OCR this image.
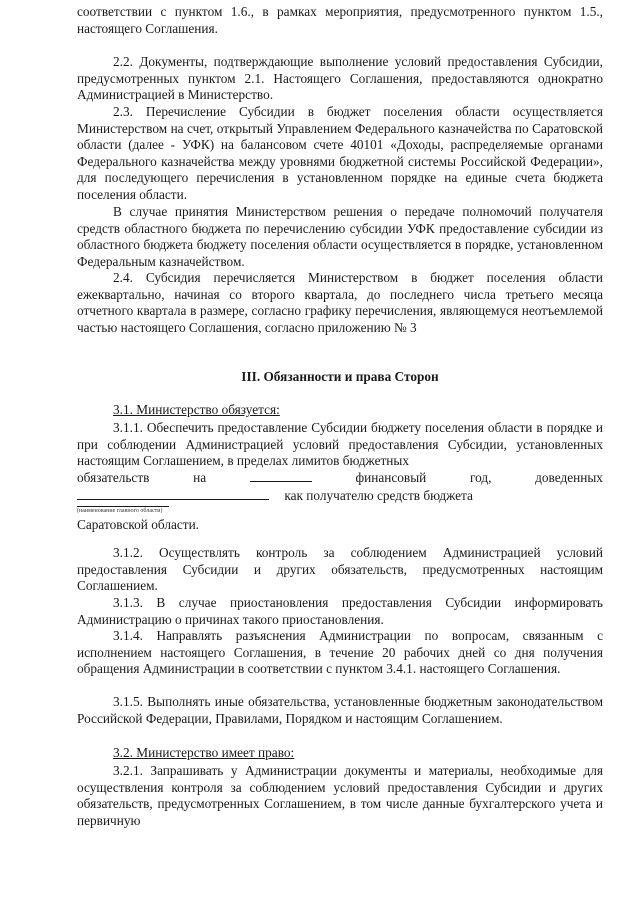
соответствии с пунктом 1.6., в рамках мероприятия, предусмотренного пунктом 1.5., настоящего Соглашения.

2.2. Документы, подтверждающие выполнение условий предоставления Субсидии, предусмотренных пунктом 2.1. Настоящего Соглашения, предоставляются однократно Администрацией в Министерство.

2.3. Перечисление Субсидии в бюджет поселения области осуществляется Министерством на счет, открытый Управлением Федерального казначейства по Саратовской области (далее - УФК) на балансовом счете 40101 «Доходы, распределяемые органами Федерального казначейства между уровнями бюджетной системы Российской Федерации», для последующего перечисления в установленном порядке на единые счета бюджета поселения области.

В случае принятия Министерством решения о передаче полномочий получателя средств областного бюджета по перечислению субсидии УФК предоставление субсидии из областного бюджета бюджету поселения области осуществляется в порядке, установленном Федеральным казначейством.

2.4. Субсидия перечисляется Министерством в бюджет поселения области ежеквартально, начиная со второго квартала, до последнего числа третьего месяца отчетного квартала в размере, согласно графику перечисления, являющемуся неотъемлемой частью настоящего Соглашения, согласно приложению № 3

III. Обязанности и права Сторон

3.1. Министерство обязуется:

3.1.1. Обеспечить предоставление Субсидии бюджету поселения области в порядке и при соблюдении Администрацией условий предоставления Субсидии, установленных настоящим Соглашением, в пределах лимитов бюджетных

обязательств	на	финансовый	год,	доведенных
как получателю средств бюджета

(наименование главного области)

Саратовской области.

3.1.2. Осуществлять контроль за соблюдением Администрацией условий предоставления Субсидии и других обязательств, предусмотренных настоящим Соглашением.

3.1.3. В случае приостановления предоставления Субсидии информировать Администрацию о причинах такого приостановления.

3.1.4. Направлять разъяснения Администрации по вопросам, связанным с исполнением настоящего Соглашения, в течение 20 рабочих дней со дня получения обращения Администрации в соответствии с пунктом 3.4.1. настоящего Соглашения.

3.1.5. Выполнять иные обязательства, установленные бюджетным законодательством Российской Федерации, Правилами, Порядком и настоящим Соглашением.

3.2. Министерство имеет право:

3.2.1. Запрашивать у Администрации документы и материалы, необходимые для осуществления контроля за соблюдением условий предоставления Субсидии и других обязательств, предусмотренных Соглашением, в том числе данные бухгалтерского учета и первичную
